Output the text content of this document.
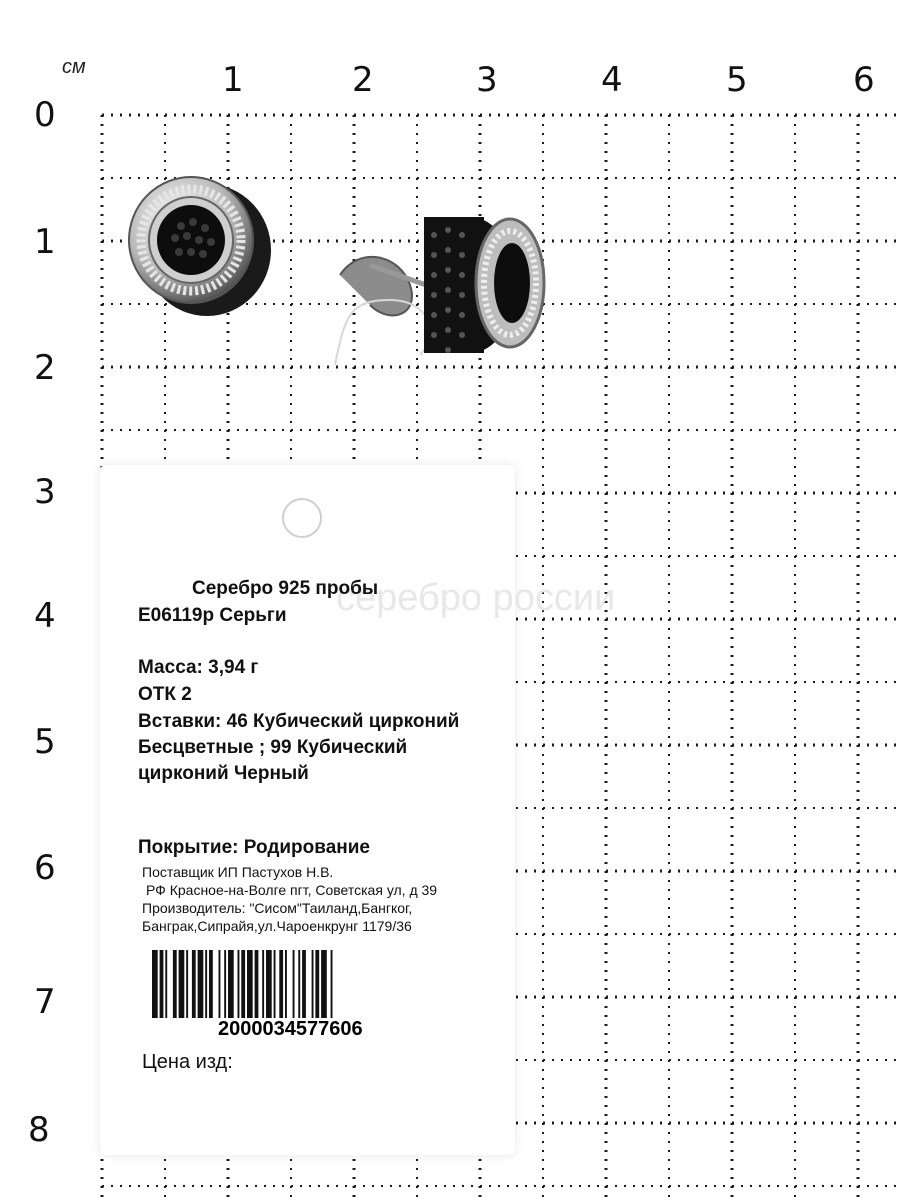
см	1	2	3	4	5	6
0
1
2
3
4
5
6
7
8
серебро россии
Серебро 925 пробы
E06119р Серьги
Масса: 3,94 г
ОТК 2
Вставки: 46 Кубический цирконий
Бесцветные ; 99 Кубический
цирконий Черный
Покрытие: Родирование
Поставщик ИП Пастухов Н.В.
РФ Красное-на-Волге пгт, Советская ул, д 39
Производитель: "Сисом"Таиланд,Бангког,
Банграк,Сипрайя,ул.Чароенкрунг 1179/36
2000034577606
Цена изд:
